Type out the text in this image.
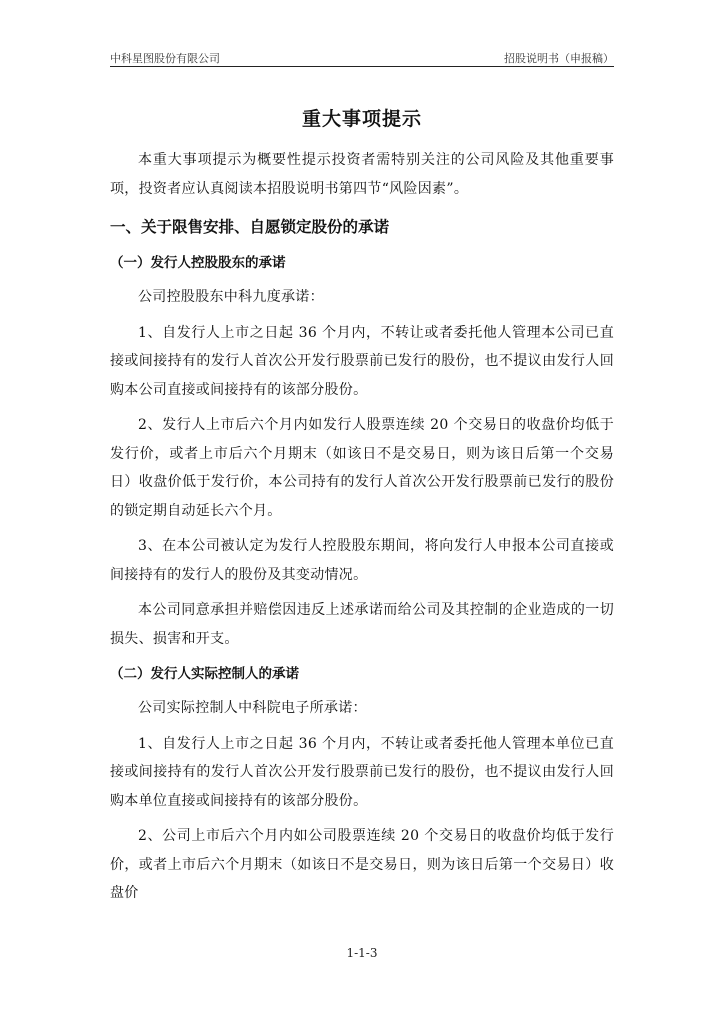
中科星图股份有限公司	招股说明书（申报稿）
重大事项提示

本重大事项提示为概要性提示投资者需特别关注的公司风险及其他重要事项，投资者应认真阅读本招股说明书第四节“风险因素”。

一、关于限售安排、自愿锁定股份的承诺
（一）发行人控股股东的承诺

公司控股股东中科九度承诺：

1、自发行人上市之日起 36 个月内，不转让或者委托他人管理本公司已直接或间接持有的发行人首次公开发行股票前已发行的股份，也不提议由发行人回购本公司直接或间接持有的该部分股份。

2、发行人上市后六个月内如发行人股票连续 20 个交易日的收盘价均低于发行价，或者上市后六个月期末（如该日不是交易日，则为该日后第一个交易日）收盘价低于发行价，本公司持有的发行人首次公开发行股票前已发行的股份的锁定期自动延长六个月。

3、在本公司被认定为发行人控股股东期间，将向发行人申报本公司直接或间接持有的发行人的股份及其变动情况。

本公司同意承担并赔偿因违反上述承诺而给公司及其控制的企业造成的一切损失、损害和开支。

（二）发行人实际控制人的承诺

公司实际控制人中科院电子所承诺：

1、自发行人上市之日起 36 个月内，不转让或者委托他人管理本单位已直接或间接持有的发行人首次公开发行股票前已发行的股份，也不提议由发行人回购本单位直接或间接持有的该部分股份。

2、公司上市后六个月内如公司股票连续 20 个交易日的收盘价均低于发行价，或者上市后六个月期末（如该日不是交易日，则为该日后第一个交易日）收盘价

1-1-3
